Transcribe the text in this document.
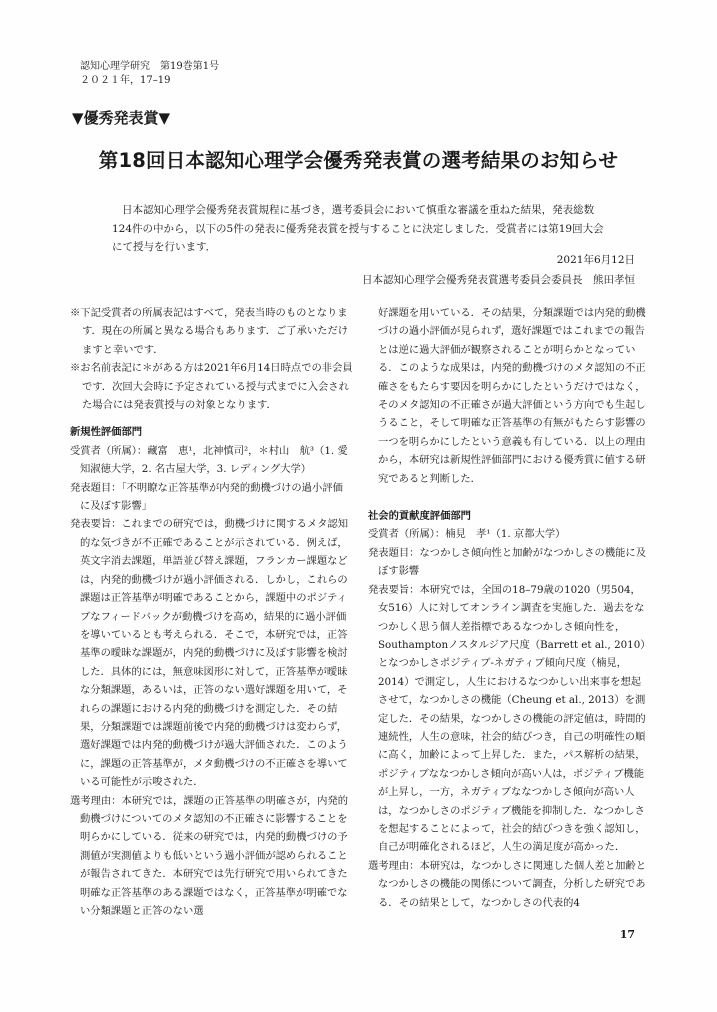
認知心理学研究　第19巻第1号
２０２１年，17–19
▼優秀発表賞▼
第18回日本認知心理学会優秀発表賞の選考結果のお知らせ

日本認知心理学会優秀発表賞規程に基づき，選考委員会において慎重な審議を重ねた結果，発表総数124件の中から，以下の5件の発表に優秀発表賞を授与することに決定しました．受賞者には第19回大会にて授与を行います．

2021年6月12日
日本認知心理学会優秀発表賞選考委員会委員長　熊田孝恒

※下記受賞者の所属表記はすべて，発表当時のものとなります．現在の所属と異なる場合もあります．ご了承いただけますと幸いです．

※お名前表記に＊がある方は2021年6月14日時点での非会員です．次回大会時に予定されている授与式までに入会された場合には発表賞授与の対象となります．

新規性評価部門

受賞者（所属）：藏富　恵¹，北神慎司²，＊村山　航³（1. 愛知淑徳大学，2. 名古屋大学，3. レディング大学）

発表題目：「不明瞭な正答基準が内発的動機づけの過小評価に及ぼす影響」

発表要旨：これまでの研究では，動機づけに関するメタ認知的な気づきが不正確であることが示されている．例えば，英文字消去課題，単語並び替え課題，フランカー課題などは，内発的動機づけが過小評価される．しかし，これらの課題は正答基準が明確であることから，課題中のポジティブなフィードバックが動機づけを高め，結果的に過小評価を導いているとも考えられる．そこで，本研究では，正答基準の曖昧な課題が，内発的動機づけに及ぼす影響を検討した．具体的には，無意味図形に対して，正答基準が曖昧な分類課題，あるいは，正答のない選好課題を用いて，それらの課題における内発的動機づけを測定した．その結果，分類課題では課題前後で内発的動機づけは変わらず，選好課題では内発的動機づけが過大評価された．このように，課題の正答基準が，メタ動機づけの不正確さを導いている可能性が示唆された．

選考理由：本研究では，課題の正答基準の明確さが，内発的動機づけについてのメタ認知の不正確さに影響することを明らかにしている．従来の研究では，内発的動機づけの予測値が実測値よりも低いという過小評価が認められることが報告されてきた．本研究では先行研究で用いられてきた明確な正答基準のある課題ではなく，正答基準が明確でない分類課題と正答のない選

好課題を用いている．その結果，分類課題では内発的動機づけの過小評価が見られず，選好課題ではこれまでの報告とは逆に過大評価が観察されることが明らかとなっている．このような成果は，内発的動機づけのメタ認知の不正確さをもたらす要因を明らかにしたというだけではなく，そのメタ認知の不正確さが過大評価という方向でも生起しうること，そして明確な正答基準の有無がもたらす影響の一つを明らかにしたという意義も有している．以上の理由から，本研究は新規性評価部門における優秀賞に値する研究であると判断した．

社会的貢献度評価部門

受賞者（所属）：楠見　孝¹（1. 京都大学）

発表題目：なつかしさ傾向性と加齢がなつかしさの機能に及ぼす影響

発表要旨：本研究では，全国の18–79歳の1020（男504，女516）人に対してオンライン調査を実施した．過去をなつかしく思う個人差指標であるなつかしさ傾向性を，Southamptonノスタルジア尺度（Barrett et al., 2010）となつかしさポジティブ-ネガティブ傾向尺度（楠見，2014）で測定し，人生におけるなつかしい出来事を想起させて，なつかしさの機能（Cheung et al., 2013）を測定した．その結果，なつかしさの機能の評定値は，時間的連続性，人生の意味，社会的結びつき，自己の明確性の順に高く，加齢によって上昇した．また，パス解析の結果，ポジティブななつかしさ傾向が高い人は，ポジティブ機能が上昇し，一方，ネガティブななつかしさ傾向が高い人は，なつかしさのポジティブ機能を抑制した．なつかしさを想起することによって，社会的結びつきを強く認知し，自己が明確化されるほど，人生の満足度が高かった．

選考理由：本研究は，なつかしさに関連した個人差と加齢となつかしさの機能の関係について調査，分析した研究である．その結果として，なつかしさの代表的4

17
